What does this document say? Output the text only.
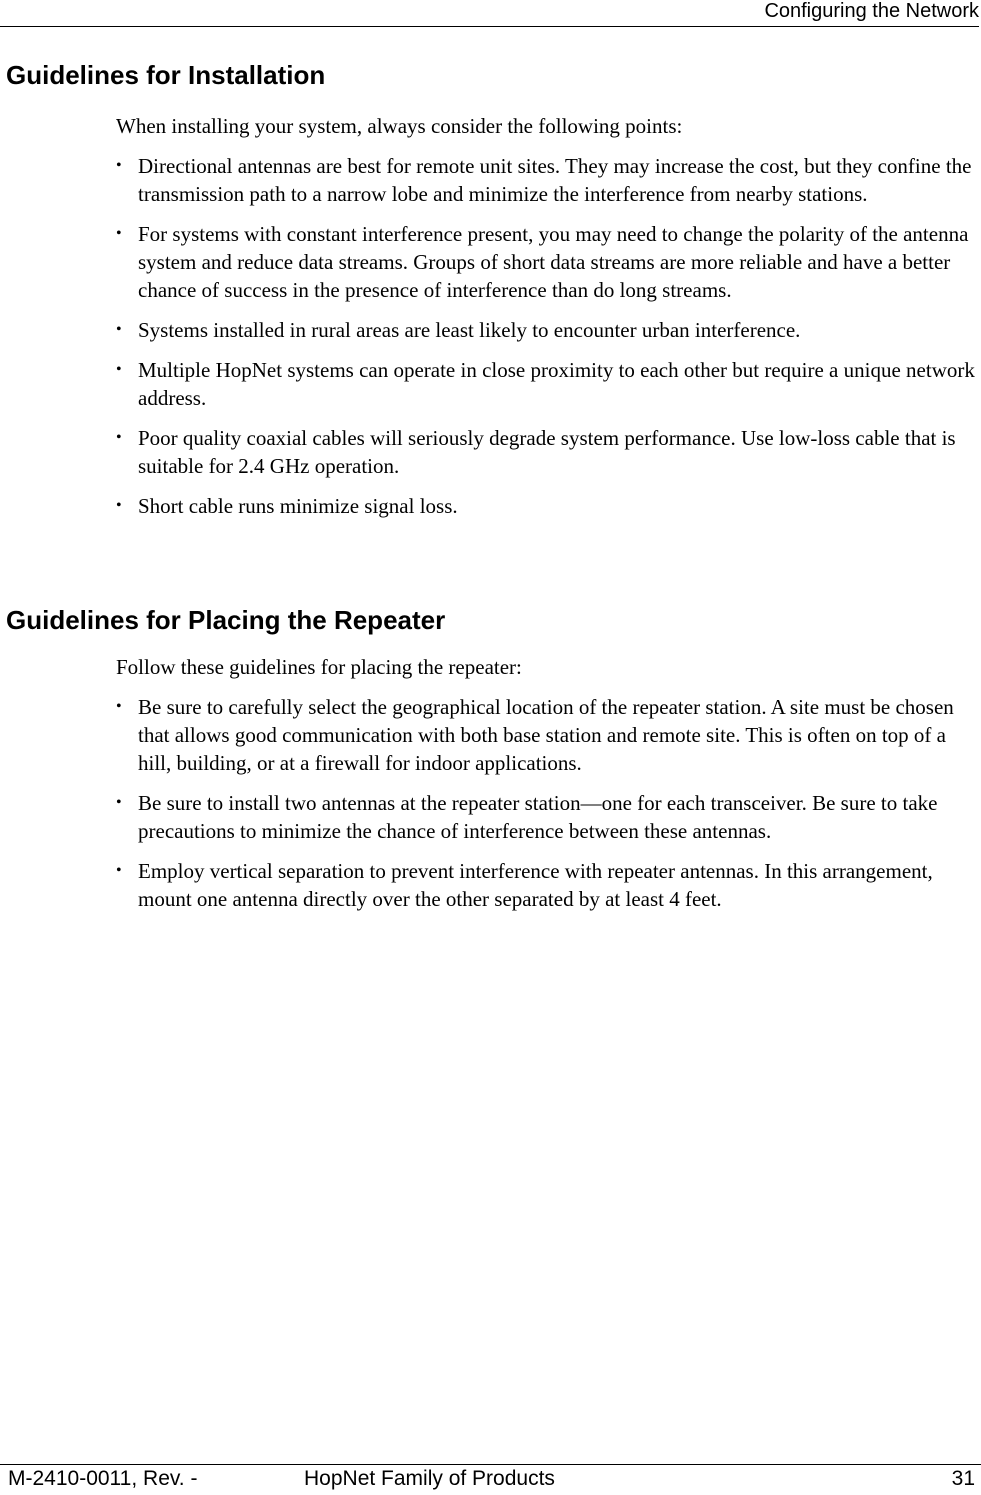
Configuring the Network
Guidelines for Installation

When installing your system, always consider the following points:

• Directional antennas are best for remote unit sites. They may increase the cost, but they confine the transmission path to a narrow lobe and minimize the interference from nearby stations.
• For systems with constant interference present, you may need to change the polarity of the antenna system and reduce data streams. Groups of short data streams are more reliable and have a better chance of success in the presence of interference than do long streams.
• Systems installed in rural areas are least likely to encounter urban interference.
• Multiple HopNet systems can operate in close proximity to each other but require a unique network address.
• Poor quality coaxial cables will seriously degrade system performance. Use low-loss cable that is suitable for 2.4 GHz operation.
• Short cable runs minimize signal loss.
Guidelines for Placing the Repeater

Follow these guidelines for placing the repeater:

• Be sure to carefully select the geographical location of the repeater station. A site must be chosen that allows good communication with both base station and remote site. This is often on top of a hill, building, or at a firewall for indoor applications.
• Be sure to install two antennas at the repeater station—one for each transceiver. Be sure to take precautions to minimize the chance of interference between these antennas.
• Employ vertical separation to prevent interference with repeater antennas. In this arrangement, mount one antenna directly over the other separated by at least 4 feet.
M-2410-0011, Rev. -	HopNet Family of Products	31
